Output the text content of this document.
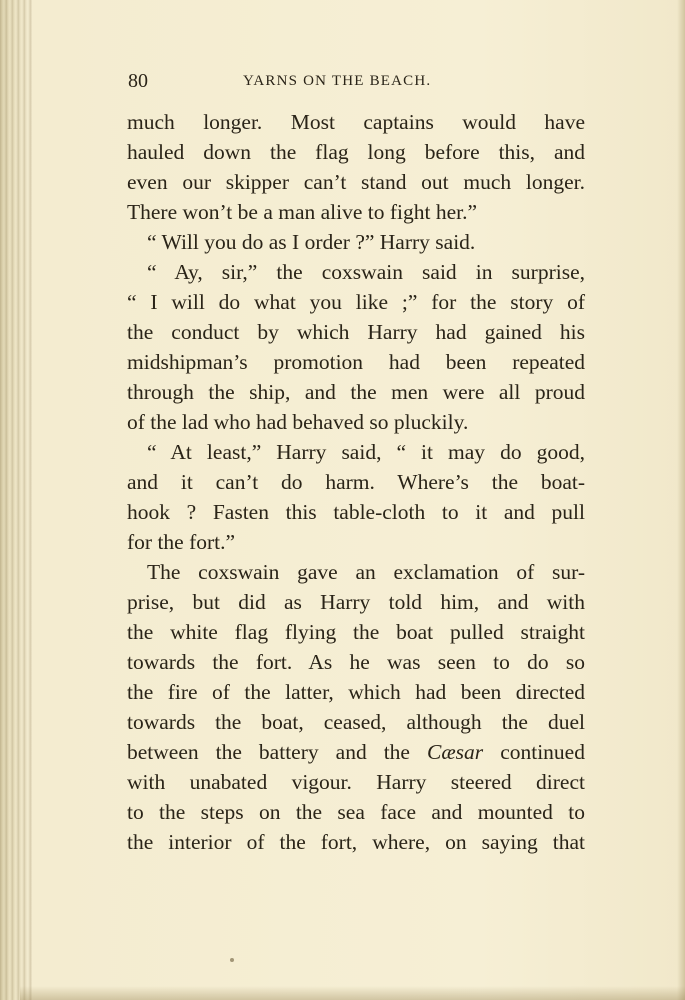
80	YARNS ON THE BEACH.
much longer. Most captains would have
hauled down the flag long before this, and
even our skipper can’t stand out much longer.
There won’t be a man alive to fight her.”
“ Will you do as I order ?” Harry said.
“ Ay, sir,” the coxswain said in surprise,
“ I will do what you like ;” for the story of
the conduct by which Harry had gained his
midshipman’s promotion had been repeated
through the ship, and the men were all proud
of the lad who had behaved so pluckily.
“ At least,” Harry said, “ it may do good,
and it can’t do harm. Where’s the boat-
hook ? Fasten this table-cloth to it and pull
for the fort.”
The coxswain gave an exclamation of sur-
prise, but did as Harry told him, and with
the white flag flying the boat pulled straight
towards the fort. As he was seen to do so
the fire of the latter, which had been directed
towards the boat, ceased, although the duel
between the battery and the Cæsar continued
with unabated vigour. Harry steered direct
to the steps on the sea face and mounted to
the interior of the fort, where, on saying that
